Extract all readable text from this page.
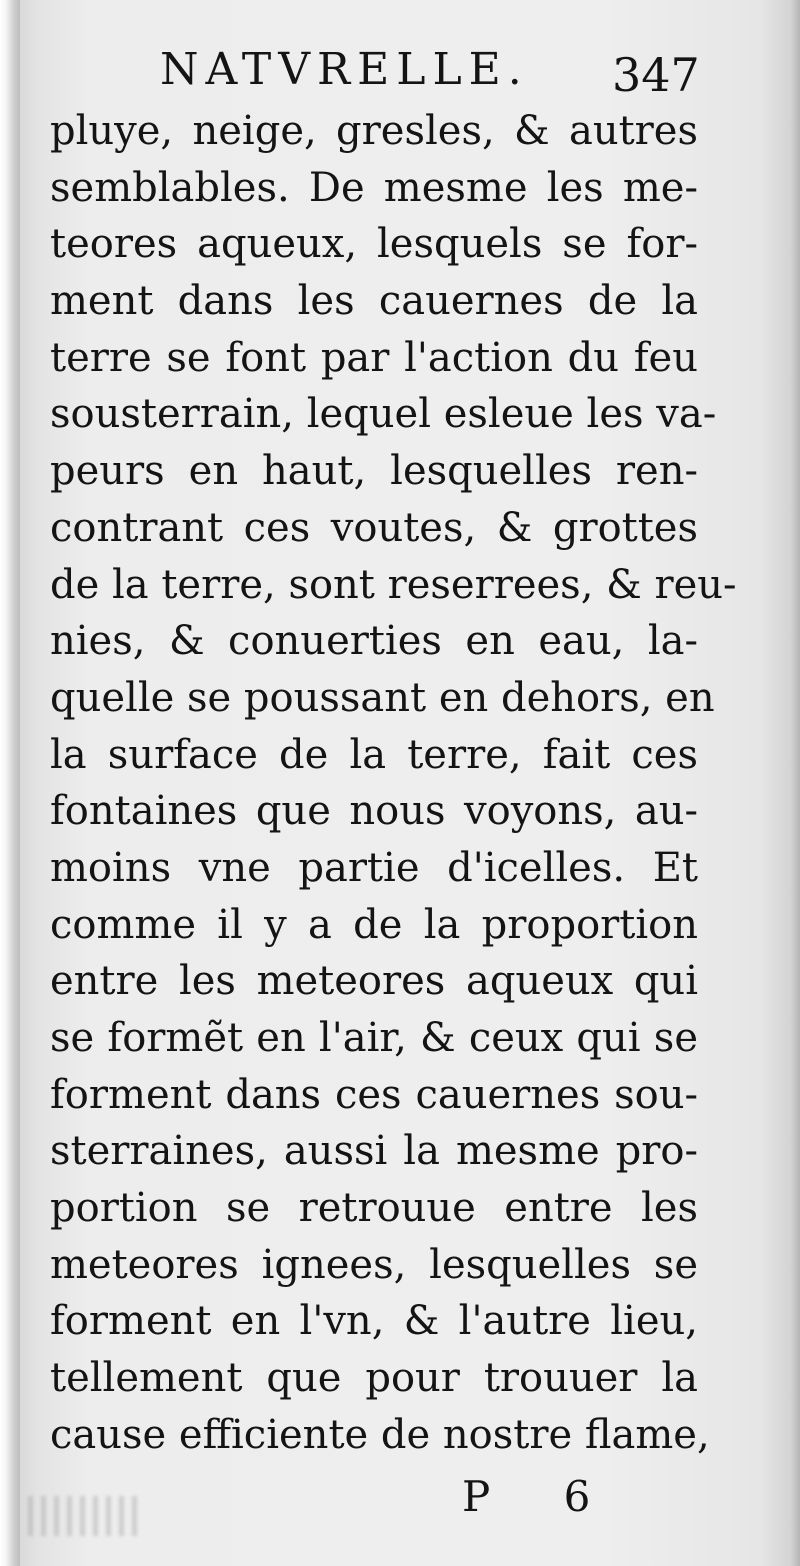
NATVRELLE. 347
pluye, neige, gresles, & autres
semblables. De mesme les me-
teores aqueux, lesquels se for-
ment dans les cauernes de la
terre se font par l'action du feu
sousterrain, lequel esleue les va-
peurs en haut, lesquelles ren-
contrant ces voutes, & grottes
de la terre, sont reserrees, & reu-
nies, & conuerties en eau, la-
quelle se poussant en dehors, en
la surface de la terre, fait ces
fontaines que nous voyons, au-
moins vne partie d'icelles. Et
comme il y a de la proportion
entre les meteores aqueux qui
se formẽt en l'air, & ceux qui se
forment dans ces cauernes sou-
sterraines, aussi la mesme pro-
portion se retrouue entre les
meteores ignees, lesquelles se
forment en l'vn, & l'autre lieu,
tellement que pour trouuer la
cause efficiente de nostre flame,
P 6
